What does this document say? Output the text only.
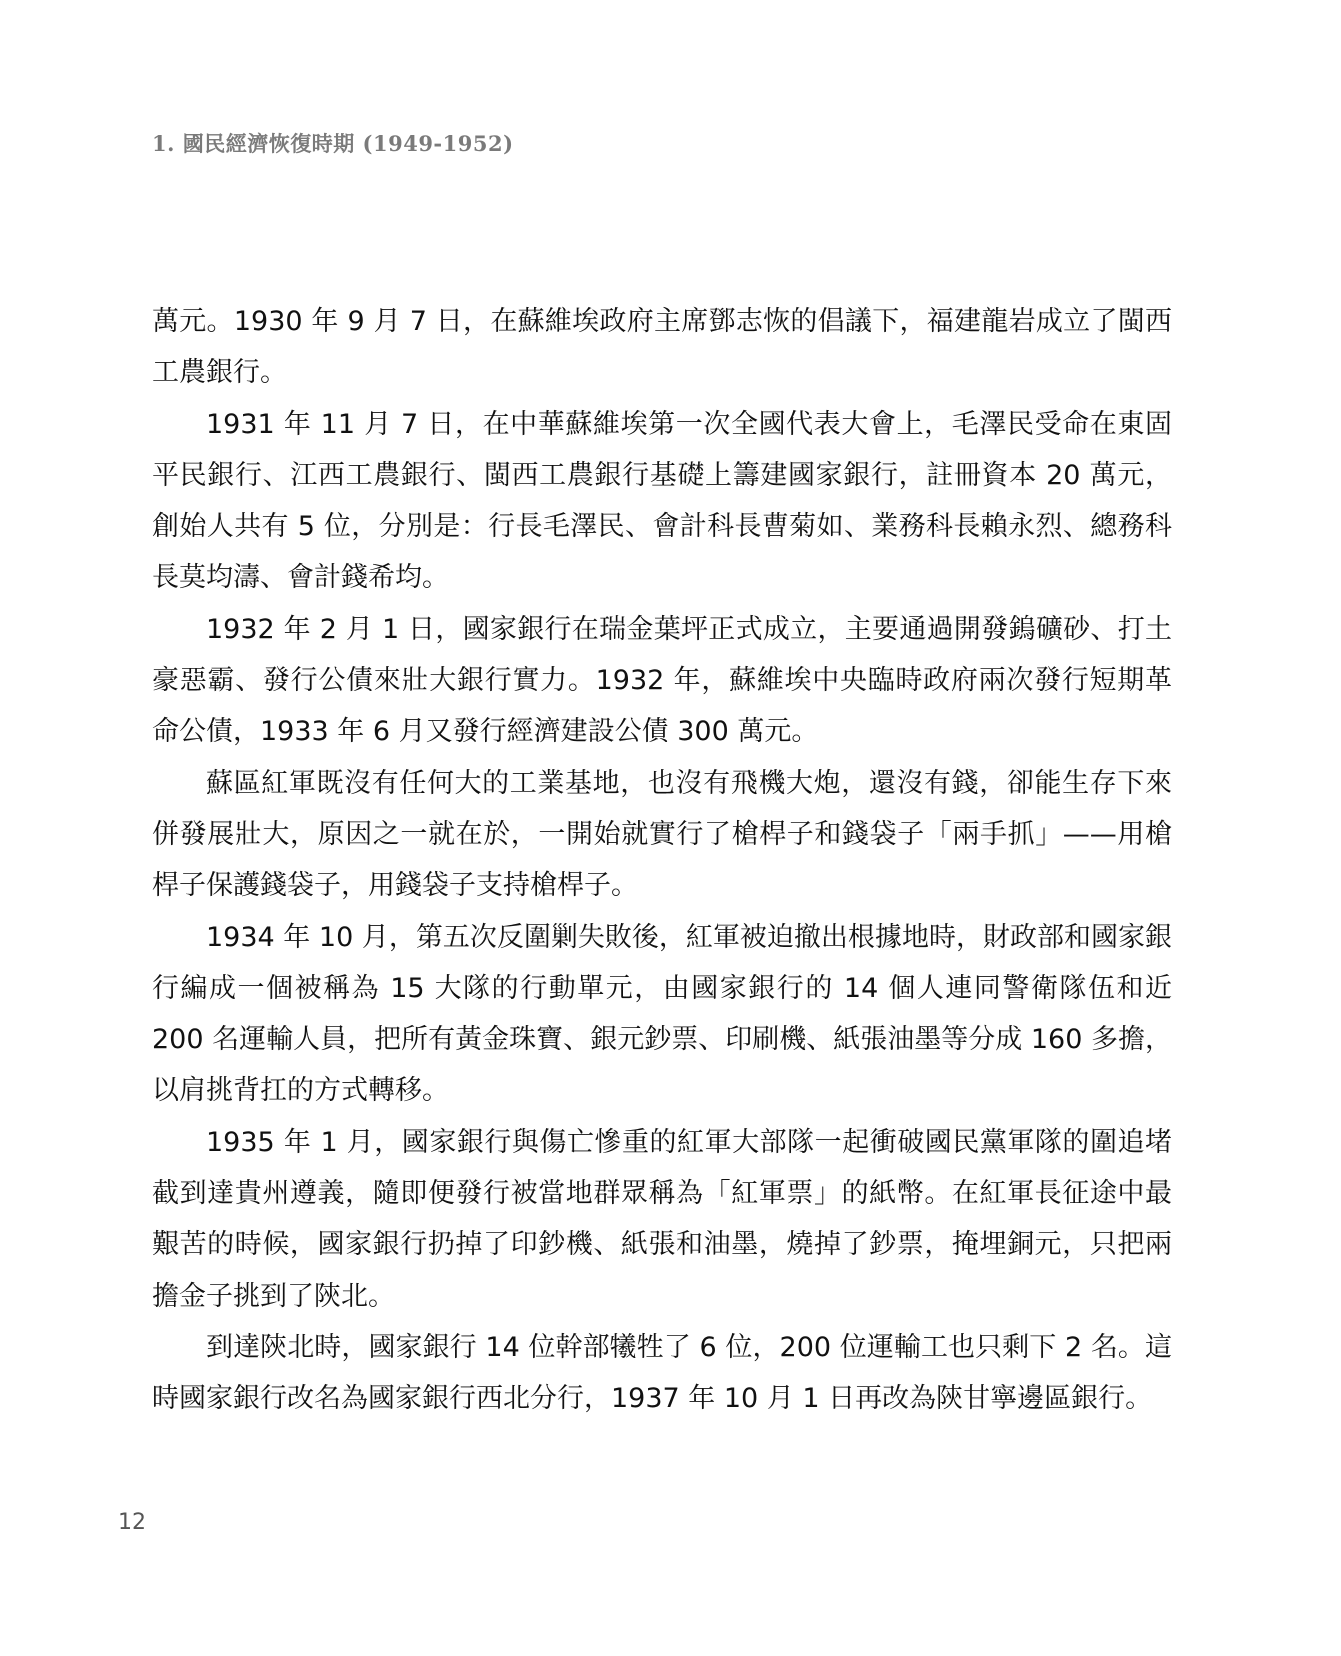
1. 國民經濟恢復時期 (1949-1952)

萬元。1930 年 9 月 7 日，在蘇維埃政府主席鄧志恢的倡議下，福建龍岩成立了閩西工農銀行。

1931 年 11 月 7 日，在中華蘇維埃第一次全國代表大會上，毛澤民受命在東固平民銀行、江西工農銀行、閩西工農銀行基礎上籌建國家銀行，註冊資本 20 萬元，創始人共有 5 位，分別是：行長毛澤民、會計科長曹菊如、業務科長賴永烈、總務科長莫均濤、會計錢希均。

1932 年 2 月 1 日，國家銀行在瑞金葉坪正式成立，主要通過開發鎢礦砂、打土豪惡霸、發行公債來壯大銀行實力。1932 年，蘇維埃中央臨時政府兩次發行短期革命公債，1933 年 6 月又發行經濟建設公債 300 萬元。

蘇區紅軍既沒有任何大的工業基地，也沒有飛機大炮，還沒有錢，卻能生存下來併發展壯大，原因之一就在於，一開始就實行了槍桿子和錢袋子「兩手抓」——用槍桿子保護錢袋子，用錢袋子支持槍桿子。

1934 年 10 月，第五次反圍剿失敗後，紅軍被迫撤出根據地時，財政部和國家銀行編成一個被稱為 15 大隊的行動單元，由國家銀行的 14 個人連同警衛隊伍和近 200 名運輸人員，把所有黃金珠寶、銀元鈔票、印刷機、紙張油墨等分成 160 多擔，以肩挑背扛的方式轉移。

1935 年 1 月，國家銀行與傷亡慘重的紅軍大部隊一起衝破國民黨軍隊的圍追堵截到達貴州遵義，隨即便發行被當地群眾稱為「紅軍票」的紙幣。在紅軍長征途中最艱苦的時候，國家銀行扔掉了印鈔機、紙張和油墨，燒掉了鈔票，掩埋銅元，只把兩擔金子挑到了陝北。

到達陝北時，國家銀行 14 位幹部犧牲了 6 位，200 位運輸工也只剩下 2 名。這時國家銀行改名為國家銀行西北分行，1937 年 10 月 1 日再改為陝甘寧邊區銀行。

12
